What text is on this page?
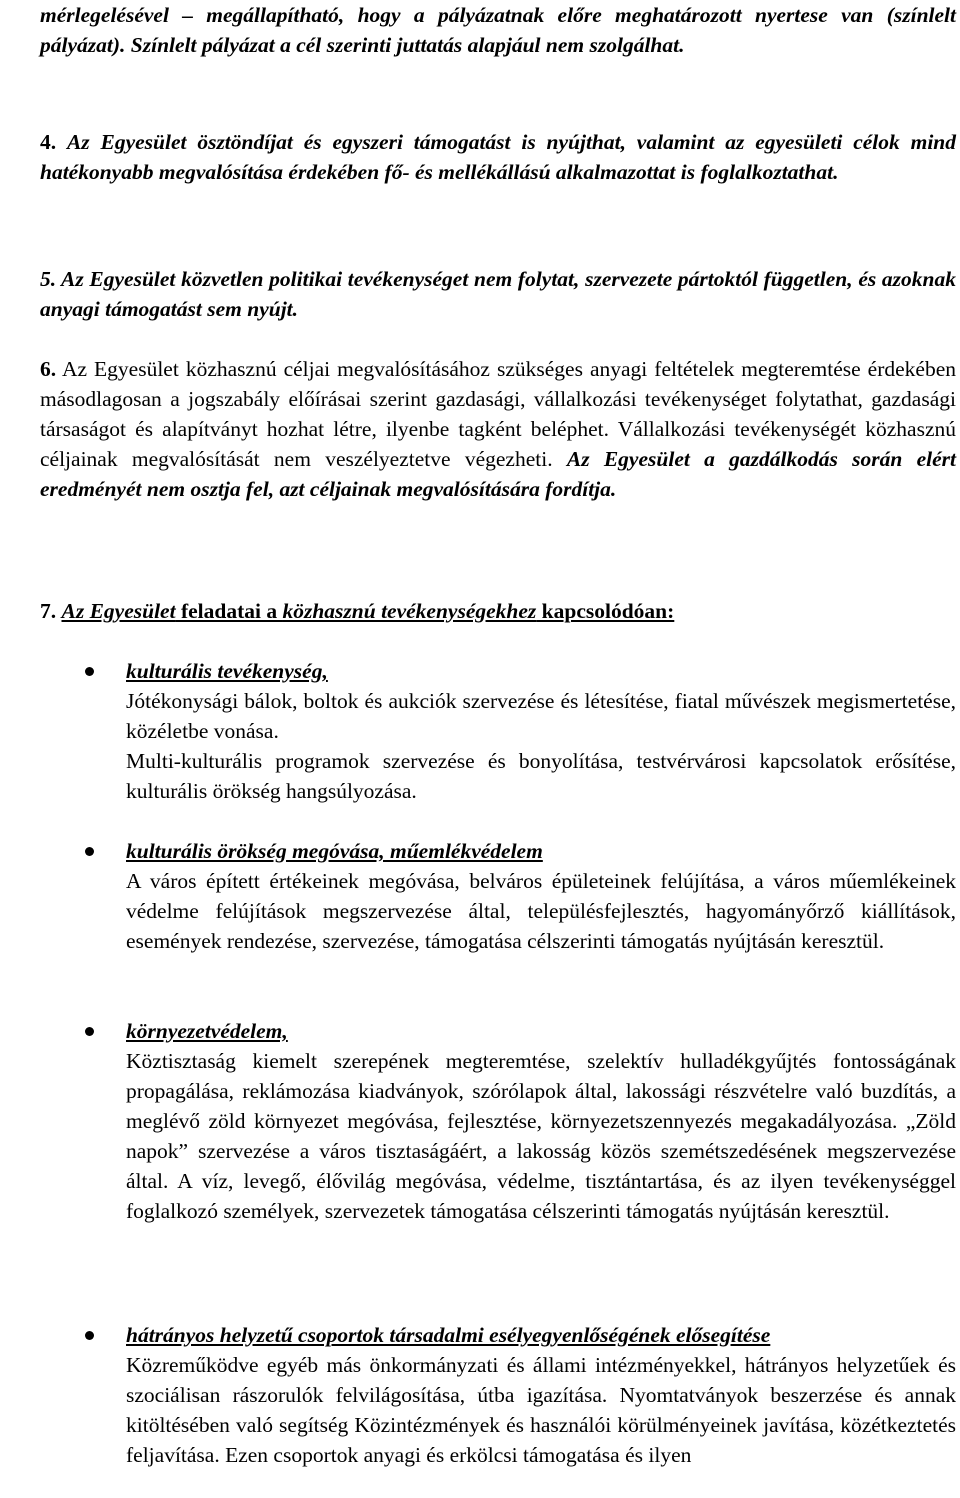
mérlegelésével – megállapítható, hogy a pályázatnak előre meghatározott nyertese van (színlelt pályázat). Színlelt pályázat a cél szerinti juttatás alapjául nem szolgálhat.

4. Az Egyesület ösztöndíjat és egyszeri támogatást is nyújthat, valamint az egyesületi célok mind hatékonyabb megvalósítása érdekében fő- és mellékállású alkalmazottat is foglalkoztathat.

5. Az Egyesület közvetlen politikai tevékenységet nem folytat, szervezete pártoktól független, és azoknak anyagi támogatást sem nyújt.

6. Az Egyesület közhasznú céljai megvalósításához szükséges anyagi feltételek megteremtése érdekében másodlagosan a jogszabály előírásai szerint gazdasági, vállalkozási tevékenységet folytathat, gazdasági társaságot és alapítványt hozhat létre, ilyenbe tagként beléphet. Vállalkozási tevékenységét közhasznú céljainak megvalósítását nem veszélyeztetve végezheti. Az Egyesület a gazdálkodás során elért eredményét nem osztja fel, azt céljainak megvalósítására fordítja.

7. Az Egyesület feladatai a közhasznú tevékenységekhez kapcsolódóan:

kulturális tevékenység,

Jótékonysági bálok, boltok és aukciók szervezése és létesítése, fiatal művészek megismertetése, közéletbe vonása.

Multi-kulturális programok szervezése és bonyolítása, testvérvárosi kapcsolatok erősítése, kulturális örökség hangsúlyozása.

kulturális örökség megóvása, műemlékvédelem

A város épített értékeinek megóvása, belváros épületeinek felújítása, a város műemlékeinek védelme felújítások megszervezése által, településfejlesztés, hagyományőrző kiállítások, események rendezése, szervezése, támogatása célszerinti támogatás nyújtásán keresztül.

környezetvédelem,

Köztisztaság kiemelt szerepének megteremtése, szelektív hulladékgyűjtés fontosságának propagálása, reklámozása kiadványok, szórólapok által, lakossági részvételre való buzdítás, a meglévő zöld környezet megóvása, fejlesztése, környezetszennyezés megakadályozása. „Zöld napok” szervezése a város tisztaságáért, a lakosság közös szemétszedésének megszervezése által. A víz, levegő, élővilág megóvása, védelme, tisztántartása, és az ilyen tevékenységgel foglalkozó személyek, szervezetek támogatása célszerinti támogatás nyújtásán keresztül.

hátrányos helyzetű csoportok társadalmi esélyegyenlőségének elősegítése

Közreműködve egyéb más önkormányzati és állami intézményekkel, hátrányos helyzetűek és szociálisan rászorulók felvilágosítása, útba igazítása. Nyomtatványok beszerzése és annak kitöltésében való segítség Közintézmények és használói körülményeinek javítása, közétkeztetés feljavítása. Ezen csoportok anyagi és erkölcsi támogatása és ilyen
